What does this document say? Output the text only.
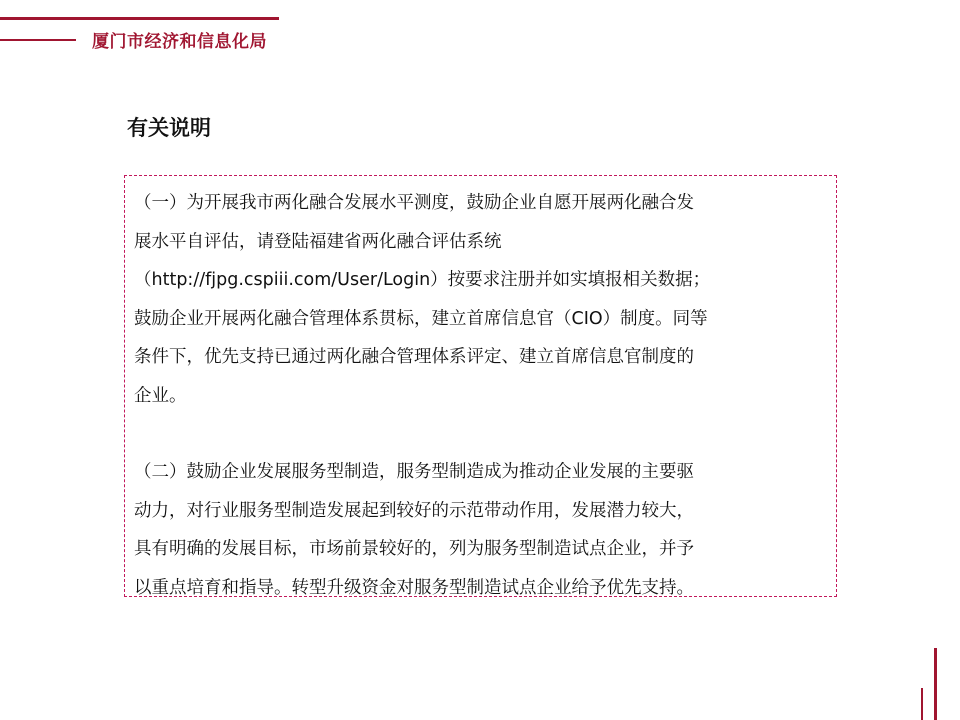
厦门市经济和信息化局
有关说明

（一）为开展我市两化融合发展水平测度，鼓励企业自愿开展两化融合发
展水平自评估，请登陆福建省两化融合评估系统
（http://fjpg.cspiii.com/User/Login）按要求注册并如实填报相关数据；
鼓励企业开展两化融合管理体系贯标，建立首席信息官（CIO）制度。同等
条件下，优先支持已通过两化融合管理体系评定、建立首席信息官制度的
企业。

（二）鼓励企业发展服务型制造，服务型制造成为推动企业发展的主要驱
动力，对行业服务型制造发展起到较好的示范带动作用，发展潜力较大，
具有明确的发展目标，市场前景较好的，列为服务型制造试点企业，并予
以重点培育和指导。转型升级资金对服务型制造试点企业给予优先支持。
